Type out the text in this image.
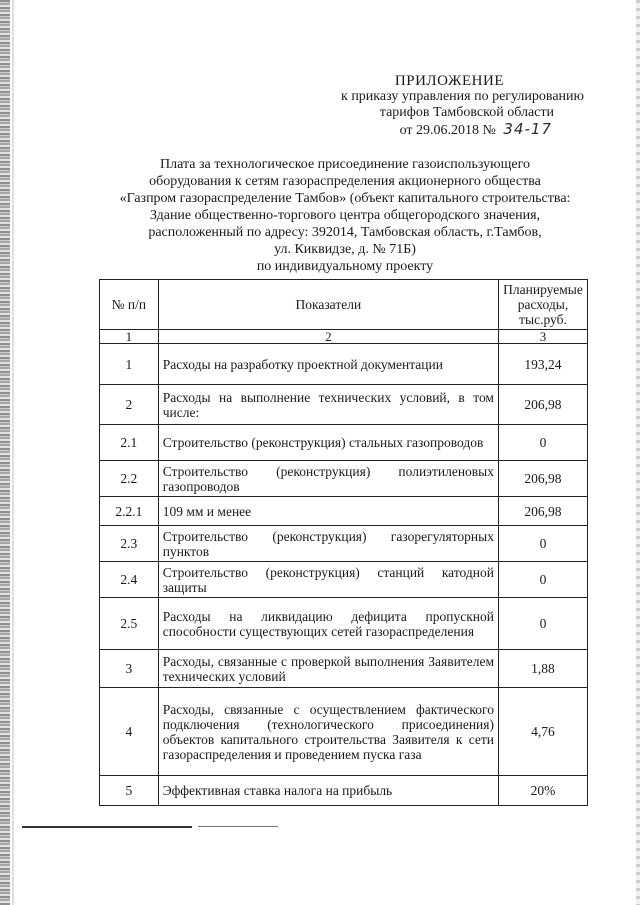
ПРИЛОЖЕНИЕ
к приказу управления по регулированию
тарифов Тамбовской области
от 29.06.2018 № 34-17
Плата за технологическое присоединение газоиспользующего
оборудования к сетям газораспределения акционерного общества
«Газпром газораспределение Тамбов» (объект капитального строительства:
Здание общественно-торгового центра общегородского значения,
расположенный по адресу: 392014, Тамбовская область, г.Тамбов,
ул. Киквидзе, д. № 71Б)
по индивидуальному проекту
№ п/п	Показатели	Планируемые расходы, тыс.руб.
1	2	3
1	Расходы на разработку проектной документации	193,24
2	Расходы на выполнение технических условий, в том числе:	206,98
2.1	Строительство (реконструкция) стальных газопроводов	0
2.2	Строительство (реконструкция) полиэтиленовых газопроводов	206,98
2.2.1	109 мм и менее	206,98
2.3	Строительство (реконструкция) газорегуляторных пунктов	0
2.4	Строительство (реконструкция) станций катодной защиты	0
2.5	Расходы на ликвидацию дефицита пропускной способности существующих сетей газораспределения	0
3	Расходы, связанные с проверкой выполнения Заявителем технических условий	1,88
4	Расходы, связанные с осуществлением фактического подключения (технологического присоединения) объектов капитального строительства Заявителя к сети газораспределения и проведением пуска газа	4,76
5	Эффективная ставка налога на прибыль	20%
